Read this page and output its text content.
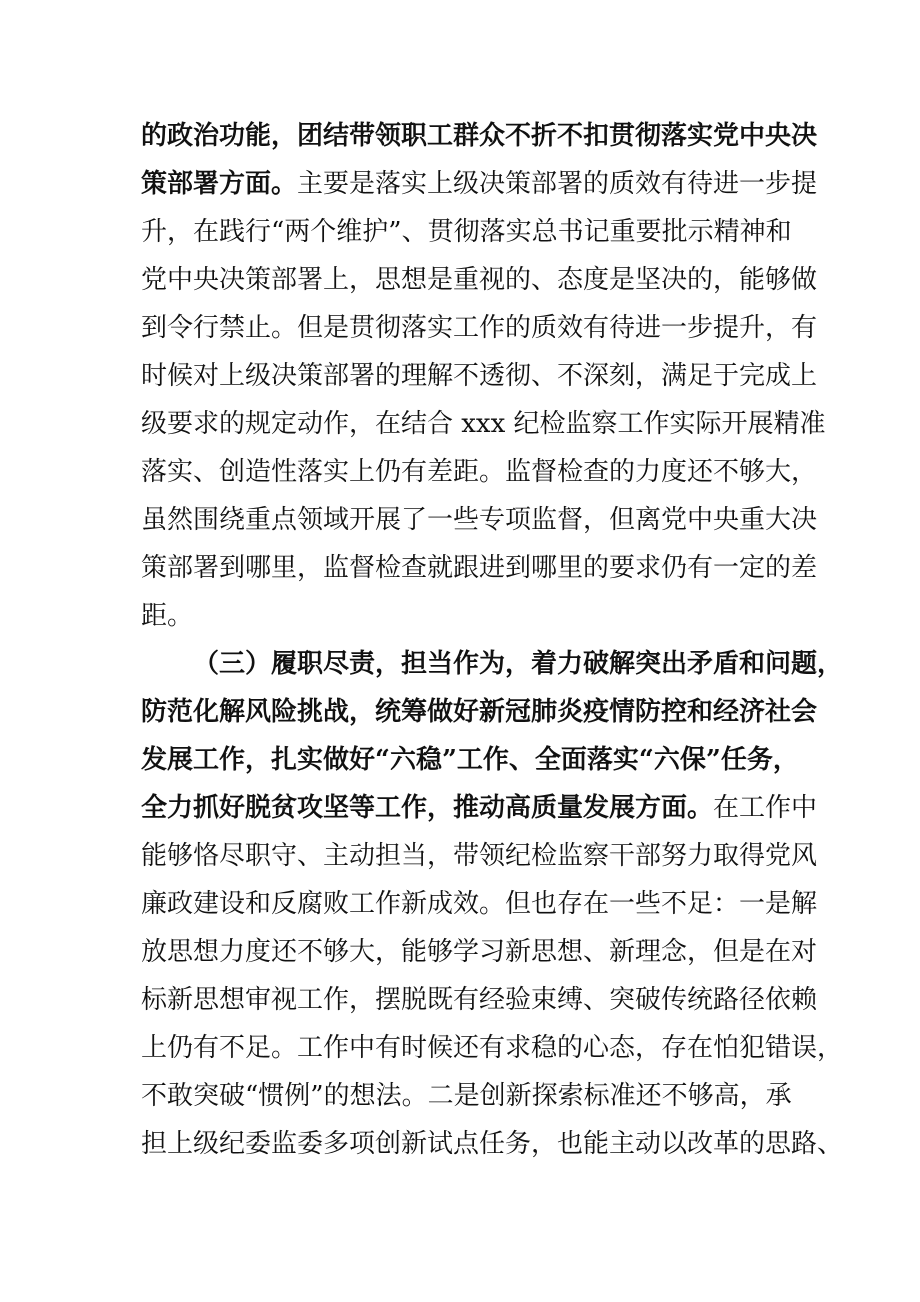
的政治功能，团结带领职工群众不折不扣贯彻落实党中央决
策部署方面。主要是落实上级决策部署的质效有待进一步提
升，在践行“两个维护”、贯彻落实总书记重要批示精神和
党中央决策部署上，思想是重视的、态度是坚决的，能够做
到令行禁止。但是贯彻落实工作的质效有待进一步提升，有
时候对上级决策部署的理解不透彻、不深刻，满足于完成上
级要求的规定动作，在结合 xxx 纪检监察工作实际开展精准
落实、创造性落实上仍有差距。监督检查的力度还不够大，
虽然围绕重点领域开展了一些专项监督，但离党中央重大决
策部署到哪里，监督检查就跟进到哪里的要求仍有一定的差
距。
（三）履职尽责，担当作为，着力破解突出矛盾和问题，
防范化解风险挑战，统筹做好新冠肺炎疫情防控和经济社会
发展工作，扎实做好“六稳”工作、全面落实“六保”任务，
全力抓好脱贫攻坚等工作，推动高质量发展方面。在工作中
能够恪尽职守、主动担当，带领纪检监察干部努力取得党风
廉政建设和反腐败工作新成效。但也存在一些不足：一是解
放思想力度还不够大，能够学习新思想、新理念，但是在对
标新思想审视工作，摆脱既有经验束缚、突破传统路径依赖
上仍有不足。工作中有时候还有求稳的心态，存在怕犯错误，
不敢突破“惯例”的想法。二是创新探索标准还不够高，承
担上级纪委监委多项创新试点任务，也能主动以改革的思路、
